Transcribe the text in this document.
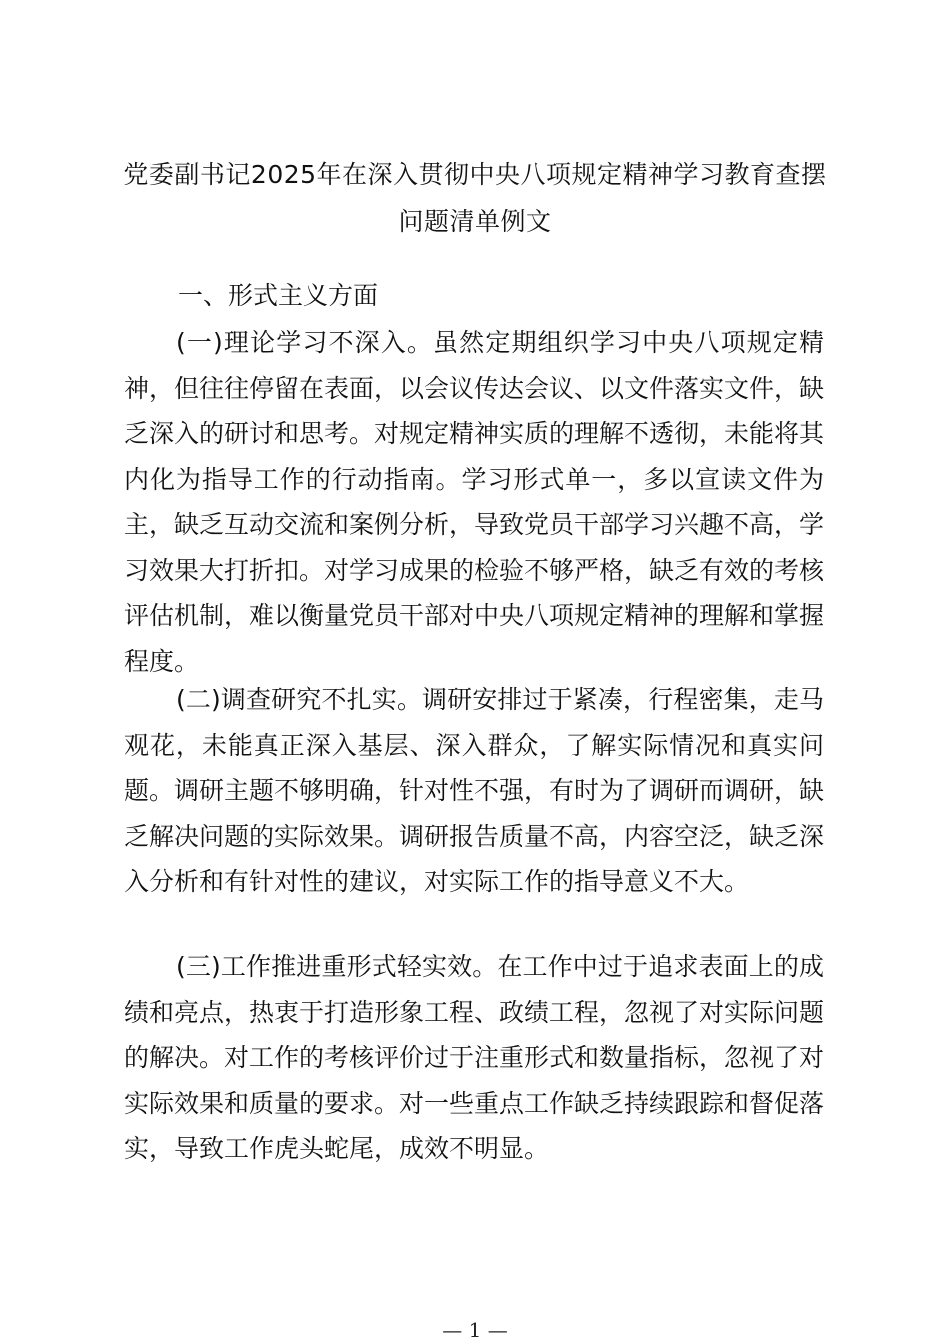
党委副书记2025年在深入贯彻中央八项规定精神学习教育查摆
问题清单例文
一、形式主义方面

(一)理论学习不深入。虽然定期组织学习中央八项规定精神，但往往停留在表面，以会议传达会议、以文件落实文件，缺乏深入的研讨和思考。对规定精神实质的理解不透彻，未能将其内化为指导工作的行动指南。学习形式单一，多以宣读文件为主，缺乏互动交流和案例分析，导致党员干部学习兴趣不高，学习效果大打折扣。对学习成果的检验不够严格，缺乏有效的考核评估机制，难以衡量党员干部对中央八项规定精神的理解和掌握程度。

(二)调查研究不扎实。调研安排过于紧凑，行程密集，走马观花，未能真正深入基层、深入群众，了解实际情况和真实问题。调研主题不够明确，针对性不强，有时为了调研而调研，缺乏解决问题的实际效果。调研报告质量不高，内容空泛，缺乏深入分析和有针对性的建议，对实际工作的指导意义不大。

(三)工作推进重形式轻实效。在工作中过于追求表面上的成绩和亮点，热衷于打造形象工程、政绩工程，忽视了对实际问题的解决。对工作的考核评价过于注重形式和数量指标，忽视了对实际效果和质量的要求。对一些重点工作缺乏持续跟踪和督促落实，导致工作虎头蛇尾，成效不明显。

— 1 —
